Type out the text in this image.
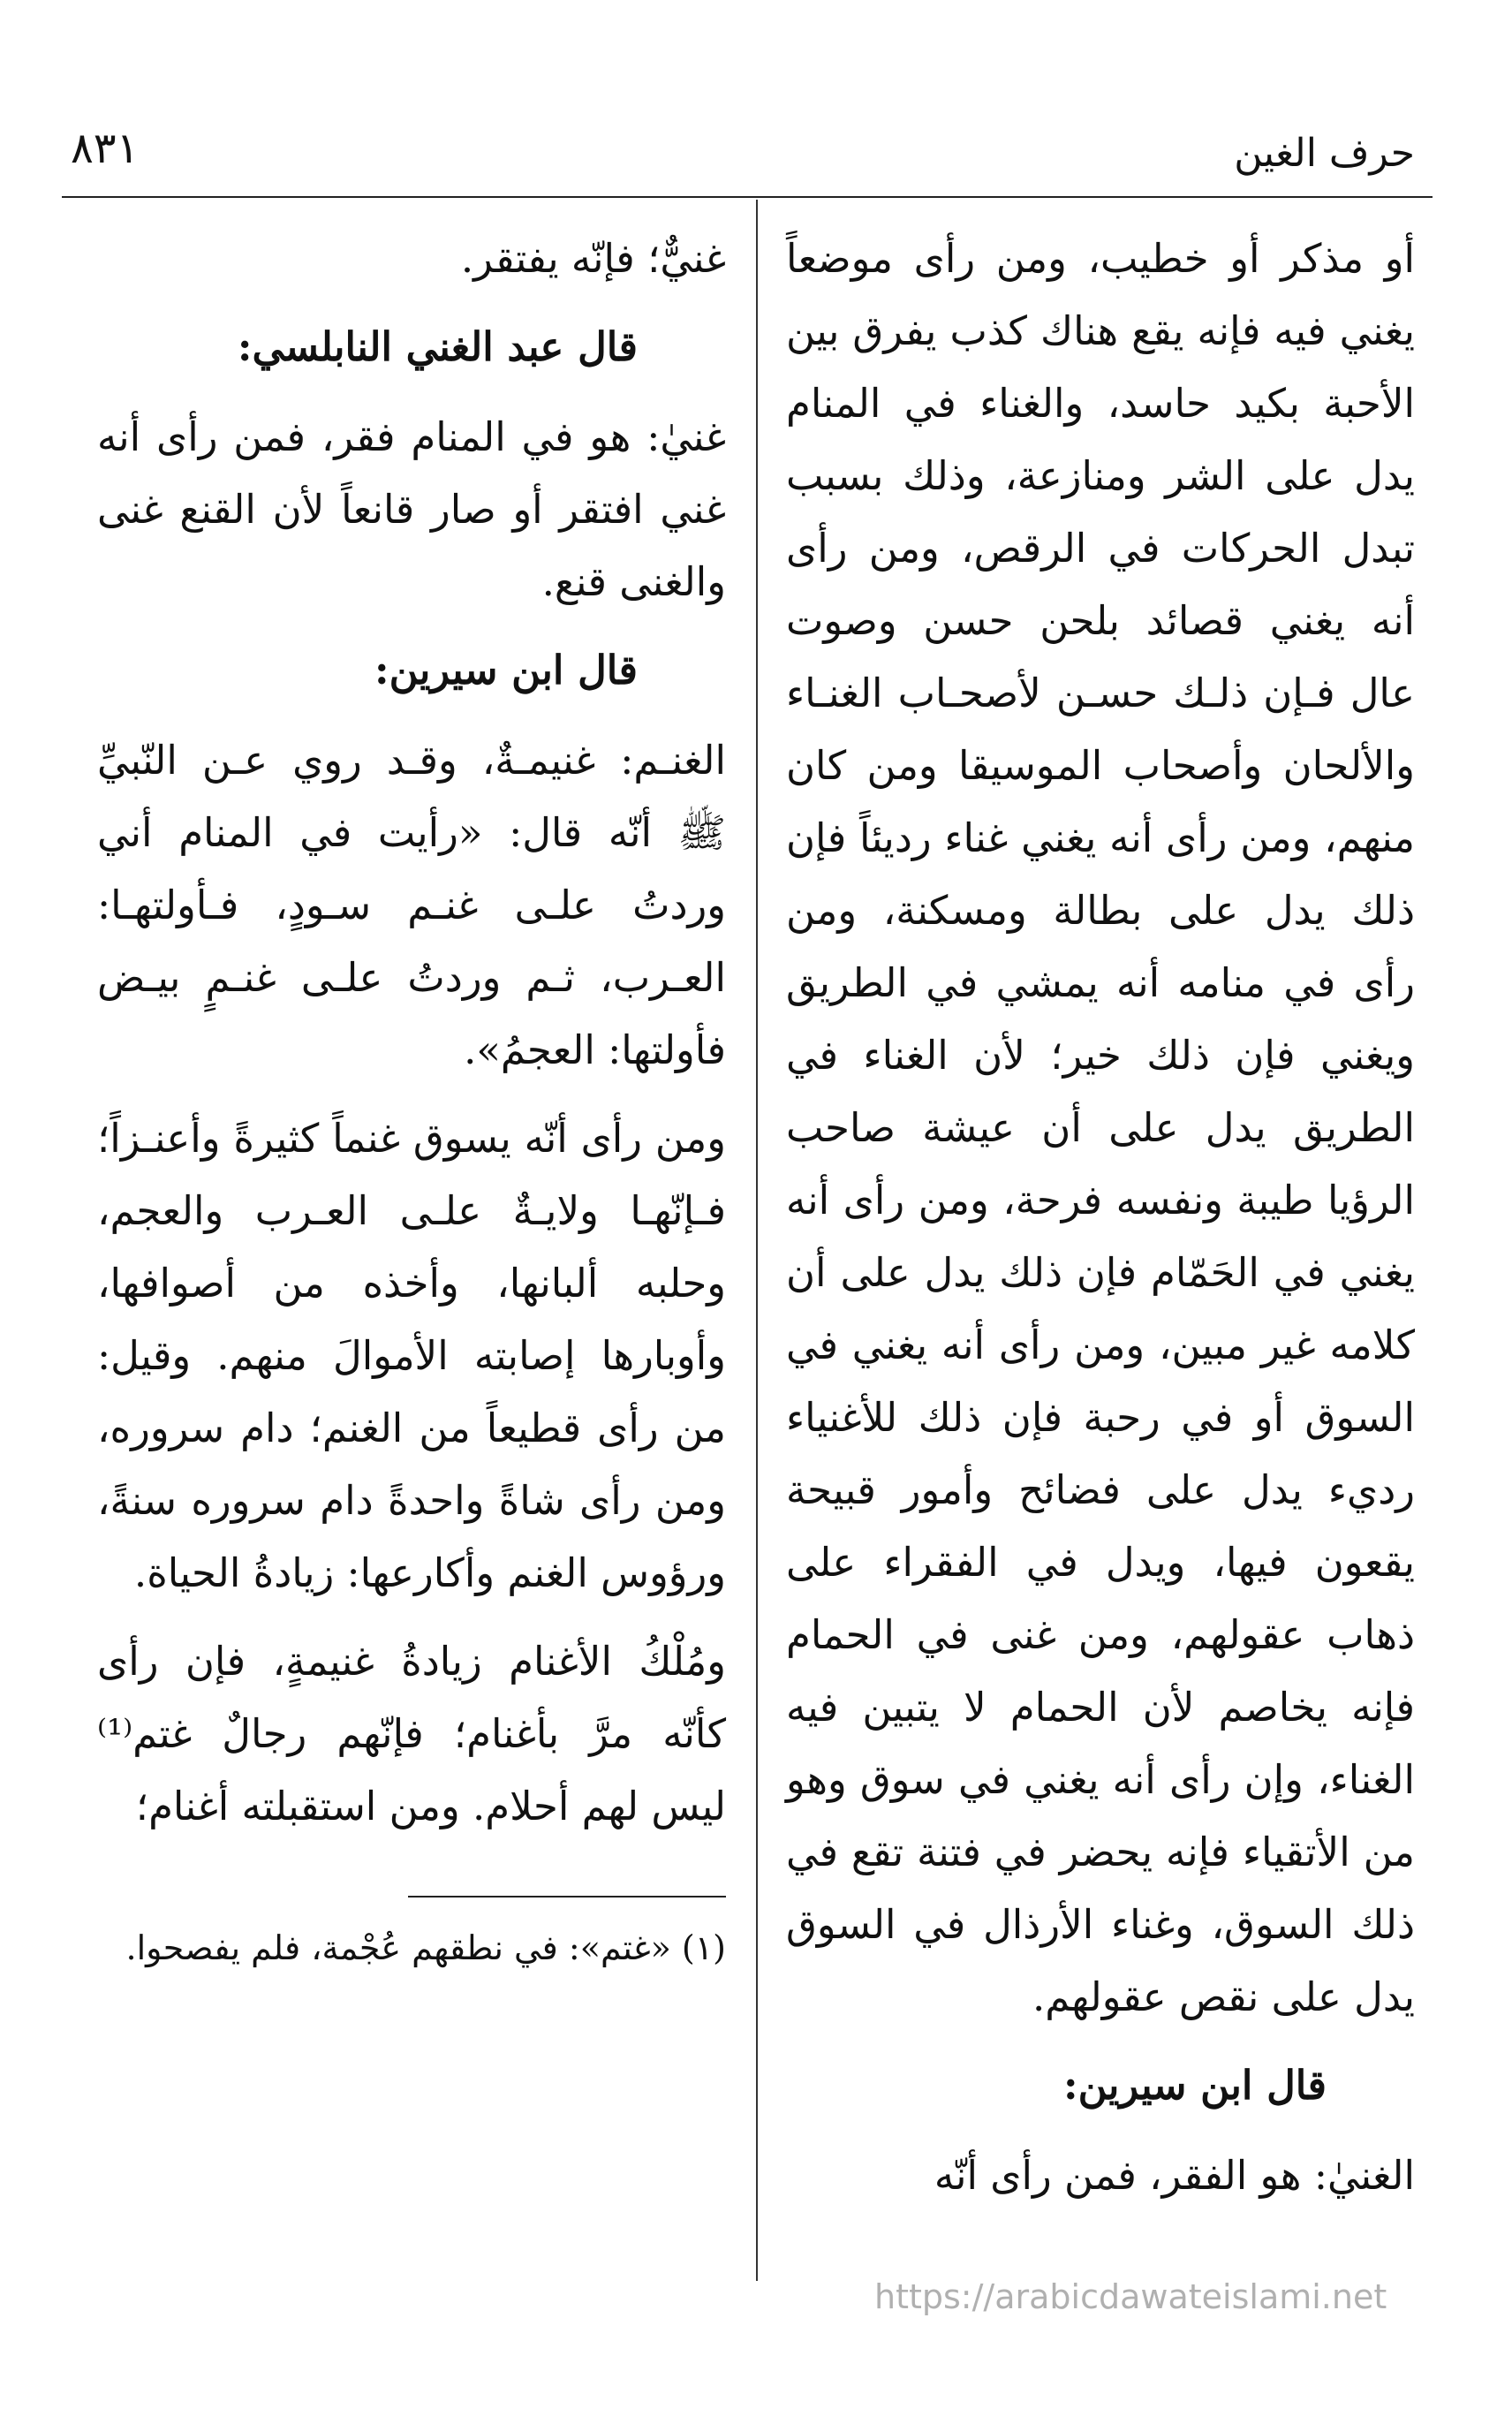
حرف الغين
٨٣١

أو مذكر أو خطيب، ومن رأى موضعاً يغني فيه فإنه يقع هناك كذب يفرق بين الأحبة بكيد حاسد، والغناء في المنام يدل على الشر ومنازعة، وذلك بسبب تبدل الحركات في الرقص، ومن رأى أنه يغني قصائد بلحن حسن وصوت عال فـإن ذلـك حسـن لأصحـاب الغنـاء والألحان وأصحاب الموسيقا ومن كان منهم، ومن رأى أنه يغني غناء رديئاً فإن ذلك يدل على بطالة ومسكنة، ومن رأى في منامه أنه يمشي في الطريق ويغني فإن ذلك خير؛ لأن الغناء في الطريق يدل على أن عيشة صاحب الرؤيا طيبة ونفسه فرحة، ومن رأى أنه يغني في الحَمّام فإن ذلك يدل على أن كلامه غير مبين، ومن رأى أنه يغني في السوق أو في رحبة فإن ذلك للأغنياء رديء يدل على فضائح وأمور قبيحة يقعون فيها، ويدل في الفقراء على ذهاب عقولهم، ومن غنى في الحمام فإنه يخاصم لأن الحمام لا يتبين فيه الغناء، وإن رأى أنه يغني في سوق وهو من الأتقياء فإنه يحضر في فتنة تقع في ذلك السوق، وغناء الأرذال في السوق يدل على نقص عقولهم.

قال ابن سيرين:

الغنيٰ: هو الفقر، فمن رأى أنّه

غنيٌّ؛ فإنّه يفتقر.

قال عبد الغني النابلسي:

غنيٰ: هو في المنام فقر، فمن رأى أنه غني افتقر أو صار قانعاً لأن القنع غنى والغنى قنع.

قال ابن سيرين:

الغنـم: غنيمـةٌ، وقـد روي عـن النّبيِّ ﷺ أنّه قال: «رأيت في المنام أني وردتُ علـى غنـم سـودٍ، فـأولتهـا: العـرب، ثـم وردتُ علـى غنـمٍ بيـض فأولتها: العجمُ».

ومن رأى أنّه يسوق غنماً كثيرةً وأعنـزاً؛ فـإنّهـا ولايـةٌ علـى العـرب والعجم، وحلبه ألبانها، وأخذه من أصوافها، وأوبارها إصابته الأموالَ منهم. وقيل: من رأى قطيعاً من الغنم؛ دام سروره، ومن رأى شاةً واحدةً دام سروره سنةً، ورؤوس الغنم وأكارعها: زيادةُ الحياة.

ومُلْكُ الأغنام زيادةُ غنيمةٍ، فإن رأى كأنّه مرَّ بأغنام؛ فإنّهم رجالٌ غتم⁽¹⁾ ليس لهم أحلام. ومن استقبلته أغنام؛

(١) «غتم»: في نطقهم عُجْمة، فلم يفصحوا.

https://arabicdawateislami.net
